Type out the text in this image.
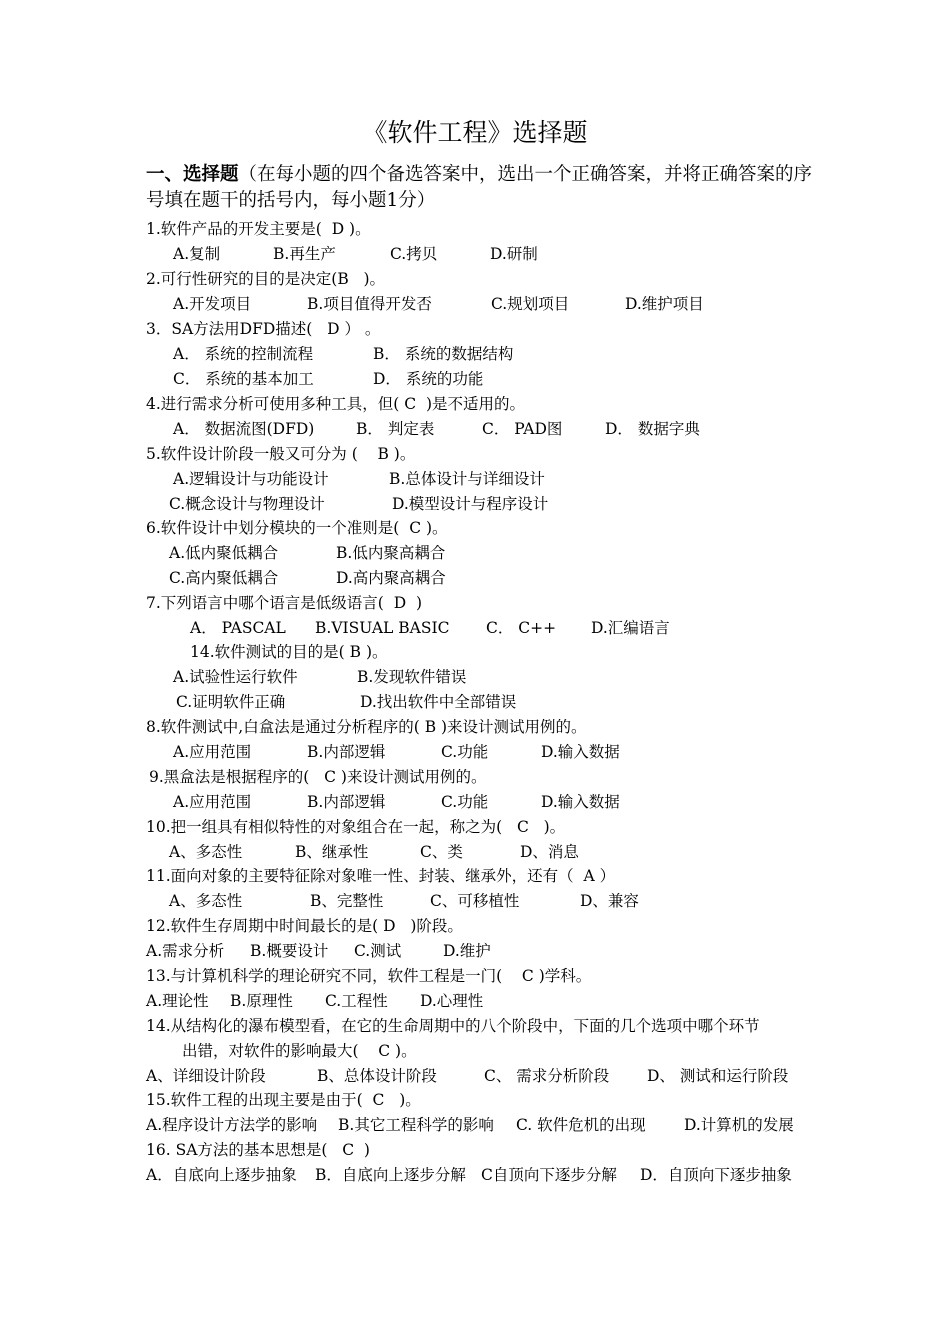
《软件工程》选择题
一、选择题（在每小题的四个备选答案中，选出一个正确答案，并将正确答案的序号填在题干的括号内，每小题1分）
1.软件产品的开发主要是(  D )。
A.复制	B.再生产	C.拷贝	D.研制
2.可行性研究的目的是决定(B   )。
A.开发项目	B.项目值得开发否	C.规划项目	D.维护项目
3．SA方法用DFD描述(   D ） 。
A． 系统的控制流程	B． 系统的数据结构
C． 系统的基本加工	D． 系统的功能
4.进行需求分析可使用多种工具，但( C  )是不适用的。
A． 数据流图(DFD)	B． 判定表	C． PAD图	D． 数据字典
5.软件设计阶段一般又可分为 (    B )。
A.逻辑设计与功能设计	B.总体设计与详细设计
C.概念设计与物理设计	D.模型设计与程序设计
6.软件设计中划分模块的一个准则是(  C )。
A.低内聚低耦合	B.低内聚高耦合
C.高内聚低耦合	D.高内聚高耦合
7.下列语言中哪个语言是低级语言(  D  )
A． PASCAL B.VISUAL BASIC C． C++ D.汇编语言
14.软件测试的目的是( B )。
A.试验性运行软件	B.发现软件错误
C.证明软件正确	D.找出软件中全部错误
8.软件测试中,白盒法是通过分析程序的( B )来设计测试用例的。
A.应用范围	B.内部逻辑	C.功能	D.输入数据
9.黑盒法是根据程序的(   C )来设计测试用例的。
A.应用范围	B.内部逻辑	C.功能	D.输入数据
10.把一组具有相似特性的对象组合在一起，称之为(   C   )。
A、多态性	B、继承性	C、类	D、消息
11.面向对象的主要特征除对象唯一性、封装、继承外，还有（  A ）
A、多态性	B、完整性	C、可移植性	D、兼容
12.软件生存周期中时间最长的是( D   )阶段。
A.需求分析 B.概要设计 C.测试	D.维护
13.与计算机科学的理论研究不同，软件工程是一门(    C )学科。
A.理论性 B.原理性 C.工程性 D.心理性
14.从结构化的瀑布模型看，在它的生命周期中的八个阶段中，下面的几个选项中哪个环节
出错，对软件的影响最大(    C )。
A、详细设计阶段	B、总体设计阶段	C、 需求分析阶段 D、 测试和运行阶段
15.软件工程的出现主要是由于(  C   )。
A.程序设计方法学的影响 B.其它工程科学的影响 C. 软件危机的出现 D.计算机的发展
16. SA方法的基本思想是(   C  )
A．自底向上逐步抽象 B．自底向上逐步分解 C自顶向下逐步分解 D．自顶向下逐步抽象
